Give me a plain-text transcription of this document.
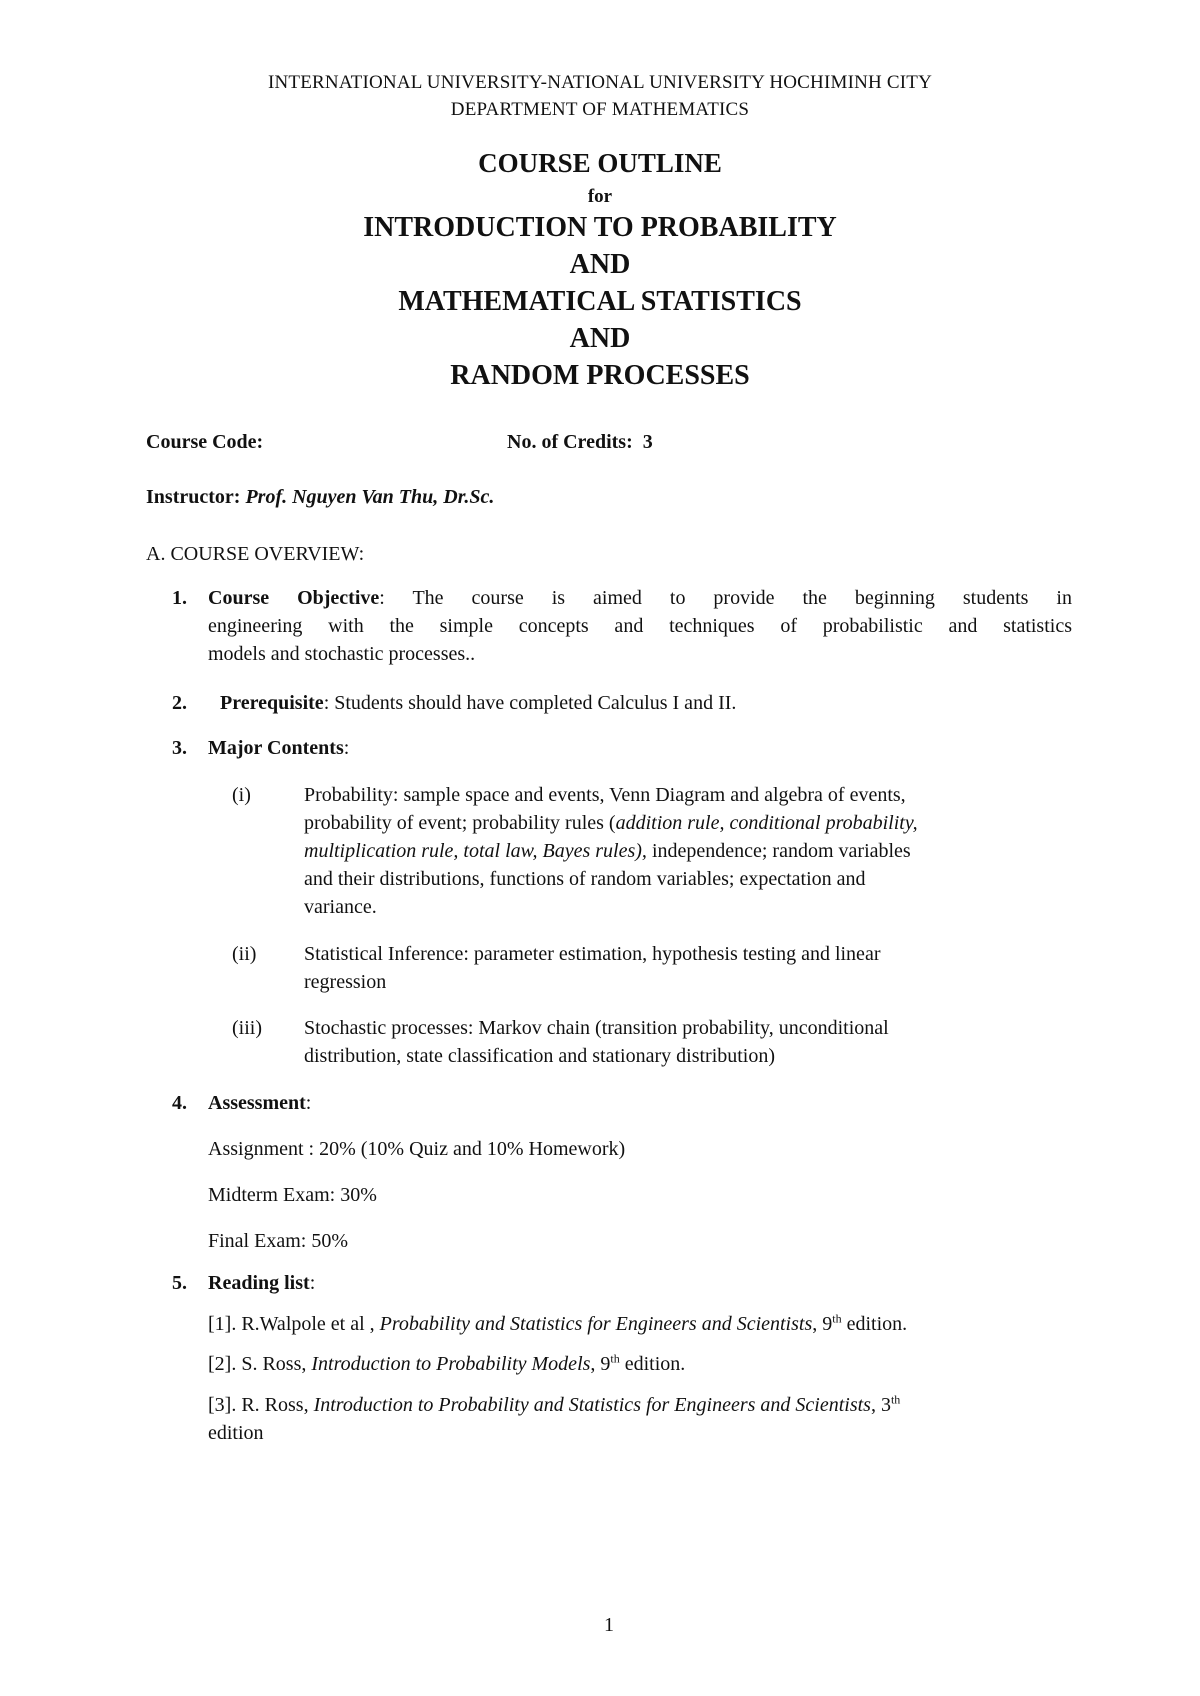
INTERNATIONAL UNIVERSITY-NATIONAL UNIVERSITY HOCHIMINH CITY
DEPARTMENT OF MATHEMATICS
COURSE OUTLINE
for
INTRODUCTION TO PROBABILITY
AND
MATHEMATICAL STATISTICS
AND
RANDOM PROCESSES
Course Code:	No. of Credits: 3
Instructor: Prof. Nguyen Van Thu, Dr.Sc.
A. COURSE OVERVIEW:
1. Course Objective: The course is aimed to provide the beginning students in
engineering with the simple concepts and techniques of probabilistic and statistics
models and stochastic processes..
2. Prerequisite: Students should have completed Calculus I and II.
3. Major Contents:
(i)	Probability: sample space and events, Venn Diagram and algebra of events,
probability of event; probability rules (addition rule, conditional probability,
multiplication rule, total law, Bayes rules), independence; random variables
and their distributions, functions of random variables; expectation and
variance.
(ii) Statistical Inference: parameter estimation, hypothesis testing and linear
regression
(iii) Stochastic processes: Markov chain (transition probability, unconditional
distribution, state classification and stationary distribution)
4. Assessment:
Assignment : 20% (10% Quiz and 10% Homework)
Midterm Exam: 30%
Final Exam: 50%
5. Reading list:
[1]. R.Walpole et al , Probability and Statistics for Engineers and Scientists, 9th edition.
[2]. S. Ross, Introduction to Probability Models, 9th edition.
[3]. R. Ross, Introduction to Probability and Statistics for Engineers and Scientists, 3th
edition
1
